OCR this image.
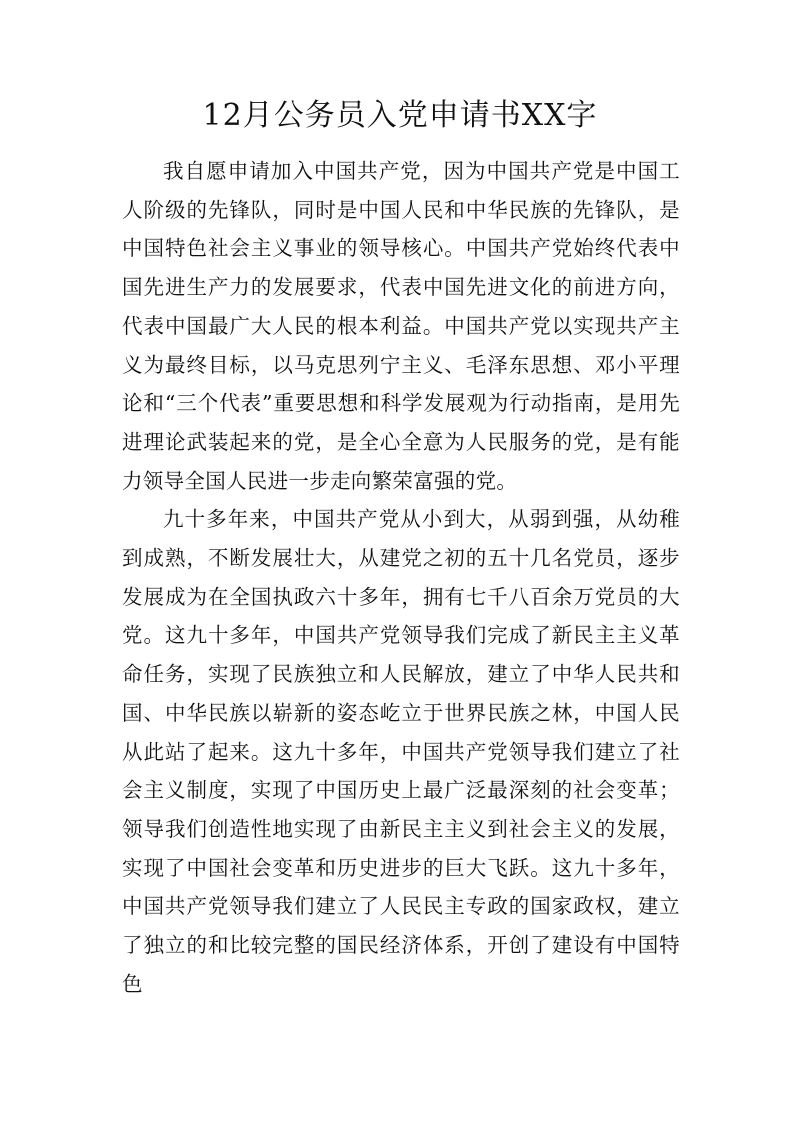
12月公务员入党申请书XX字

我自愿申请加入中国共产党，因为中国共产党是中国工人阶级的先锋队，同时是中国人民和中华民族的先锋队，是中国特色社会主义事业的领导核心。中国共产党始终代表中国先进生产力的发展要求，代表中国先进文化的前进方向，代表中国最广大人民的根本利益。中国共产党以实现共产主义为最终目标，以马克思列宁主义、毛泽东思想、邓小平理论和“三个代表”重要思想和科学发展观为行动指南，是用先进理论武装起来的党，是全心全意为人民服务的党，是有能力领导全国人民进一步走向繁荣富强的党。

九十多年来，中国共产党从小到大，从弱到强，从幼稚到成熟，不断发展壮大，从建党之初的五十几名党员，逐步发展成为在全国执政六十多年，拥有七千八百余万党员的大党。这九十多年，中国共产党领导我们完成了新民主主义革命任务，实现了民族独立和人民解放，建立了中华人民共和国、中华民族以崭新的姿态屹立于世界民族之林，中国人民从此站了起来。这九十多年，中国共产党领导我们建立了社会主义制度，实现了中国历史上最广泛最深刻的社会变革；领导我们创造性地实现了由新民主主义到社会主义的发展，实现了中国社会变革和历史进步的巨大飞跃。这九十多年，中国共产党领导我们建立了人民民主专政的国家政权，建立了独立的和比较完整的国民经济体系，开创了建设有中国特色
